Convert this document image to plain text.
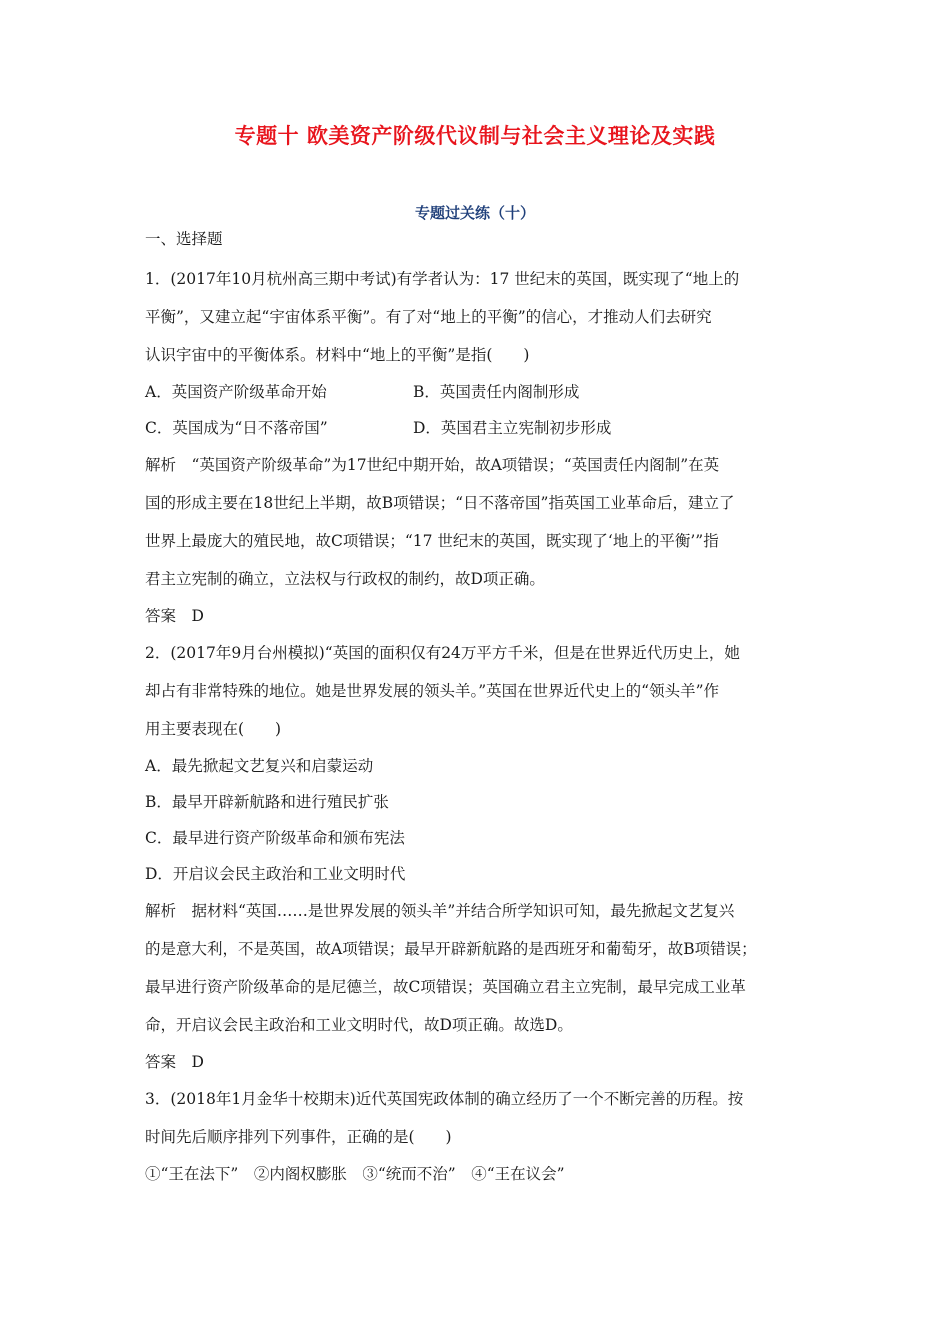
专题十 欧美资产阶级代议制与社会主义理论及实践
专题过关练（十）
一、选择题
1．(2017年10月杭州高三期中考试)有学者认为：17 世纪末的英国，既实现了“地上的
平衡”，又建立起“宇宙体系平衡”。有了对“地上的平衡”的信心，才推动人们去研究
认识宇宙中的平衡体系。材料中“地上的平衡”是指(　　)
A．英国资产阶级革命开始	B．英国责任内阁制形成
C．英国成为“日不落帝国”	D．英国君主立宪制初步形成
解析　“英国资产阶级革命”为17世纪中期开始，故A项错误；“英国责任内阁制”在英
国的形成主要在18世纪上半期，故B项错误；“日不落帝国”指英国工业革命后，建立了
世界上最庞大的殖民地，故C项错误；“17 世纪末的英国，既实现了‘地上的平衡’”指
君主立宪制的确立，立法权与行政权的制约，故D项正确。
答案　D
2．(2017年9月台州模拟)“英国的面积仅有24万平方千米，但是在世界近代历史上，她
却占有非常特殊的地位。她是世界发展的领头羊。”英国在世界近代史上的“领头羊”作
用主要表现在(　　)
A．最先掀起文艺复兴和启蒙运动
B．最早开辟新航路和进行殖民扩张
C．最早进行资产阶级革命和颁布宪法
D．开启议会民主政治和工业文明时代
解析　据材料“英国……是世界发展的领头羊”并结合所学知识可知，最先掀起文艺复兴
的是意大利，不是英国，故A项错误；最早开辟新航路的是西班牙和葡萄牙，故B项错误；
最早进行资产阶级革命的是尼德兰，故C项错误；英国确立君主立宪制，最早完成工业革
命，开启议会民主政治和工业文明时代，故D项正确。故选D。
答案　D
3．(2018年1月金华十校期末)近代英国宪政体制的确立经历了一个不断完善的历程。按
时间先后顺序排列下列事件，正确的是(　　)
①“王在法下”　②内阁权膨胀　③“统而不治”　④“王在议会”
